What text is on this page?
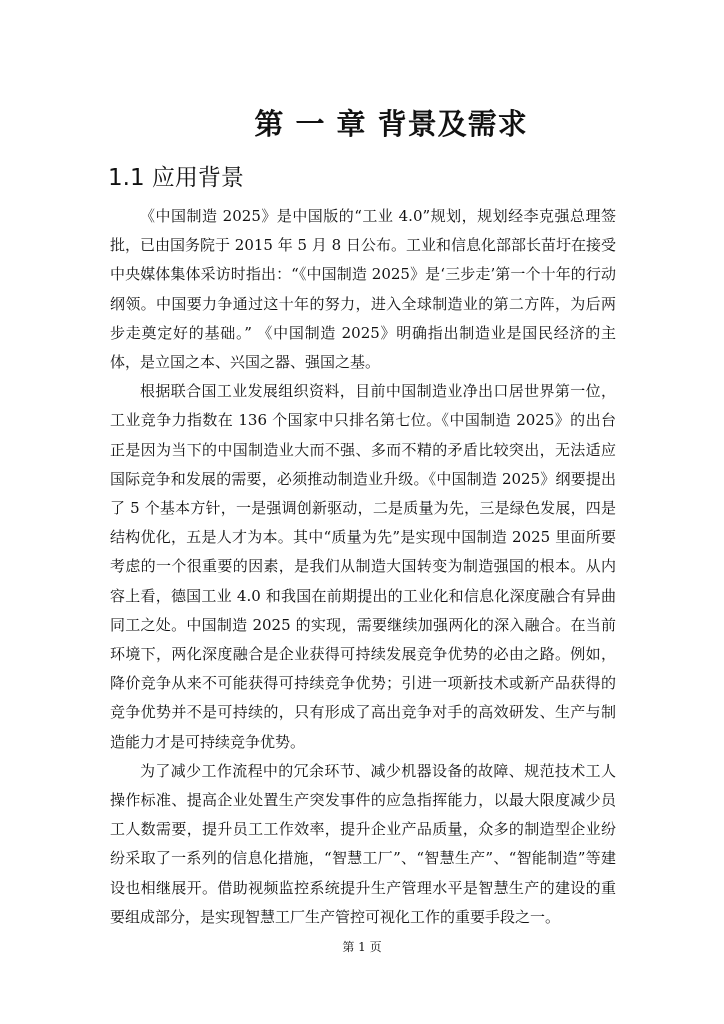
第 一 章 背景及需求
1.1 应用背景

《中国制造 2025》是中国版的“工业 4.0”规划，规划经李克强总理签批，已由国务院于 2015 年 5 月 8 日公布。工业和信息化部部长苗圩在接受中央媒体集体采访时指出：“《中国制造 2025》是‘三步走’第一个十年的行动纲领。中国要力争通过这十年的努力，进入全球制造业的第二方阵，为后两步走奠定好的基础。” 《中国制造 2025》明确指出制造业是国民经济的主体，是立国之本、兴国之器、强国之基。

根据联合国工业发展组织资料，目前中国制造业净出口居世界第一位，工业竞争力指数在 136 个国家中只排名第七位。《中国制造 2025》的出台正是因为当下的中国制造业大而不强、多而不精的矛盾比较突出，无法适应国际竞争和发展的需要，必须推动制造业升级。《中国制造 2025》纲要提出了 5 个基本方针，一是强调创新驱动，二是质量为先，三是绿色发展，四是结构优化，五是人才为本。其中“质量为先”是实现中国制造 2025 里面所要考虑的一个很重要的因素，是我们从制造大国转变为制造强国的根本。从内容上看，德国工业 4.0 和我国在前期提出的工业化和信息化深度融合有异曲同工之处。中国制造 2025 的实现，需要继续加强两化的深入融合。在当前环境下，两化深度融合是企业获得可持续发展竞争优势的必由之路。例如，降价竞争从来不可能获得可持续竞争优势；引进一项新技术或新产品获得的竞争优势并不是可持续的，只有形成了高出竞争对手的高效研发、生产与制造能力才是可持续竞争优势。

为了减少工作流程中的冗余环节、减少机器设备的故障、规范技术工人操作标准、提高企业处置生产突发事件的应急指挥能力，以最大限度减少员工人数需要，提升员工工作效率，提升企业产品质量，众多的制造型企业纷纷采取了一系列的信息化措施，“智慧工厂”、“智慧生产”、“智能制造”等建设也相继展开。借助视频监控系统提升生产管理水平是智慧生产的建设的重要组成部分，是实现智慧工厂生产管控可视化工作的重要手段之一。

第 1 页
